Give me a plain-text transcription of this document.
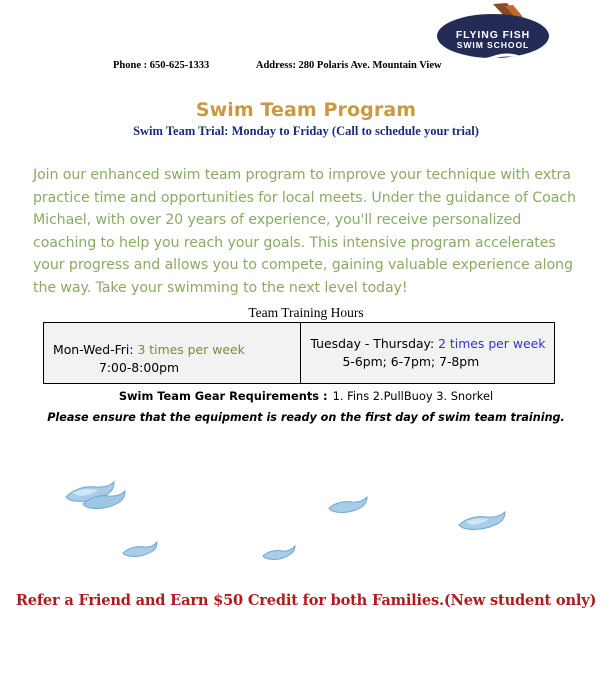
FLYING FISH
SWIM SCHOOL
Phone : 650-625-1333	Address: 280 Polaris Ave. Mountain View
Swim Team Program
Swim Team Trial: Monday to Friday (Call to schedule your trial)
Join our enhanced swim team program to improve your technique with extra practice time and opportunities for local meets. Under the guidance of Coach Michael, with over 20 years of experience, you'll receive personalized coaching to help you reach your goals. This intensive program accelerates your progress and allows you to compete, gaining valuable experience along the way. Take your swimming to the next level today!
Team Training Hours
Mon-Wed-Fri: 3 times per week
7:00-8:00pm
Tuesday - Thursday: 2 times per week
5-6pm; 6-7pm; 7-8pm
Swim Team Gear Requirements : 1. Fins 2.PullBuoy 3. Snorkel
Please ensure that the equipment is ready on the first day of swim team training.
Refer a Friend and Earn $50 Credit for both Families.(New student only)
